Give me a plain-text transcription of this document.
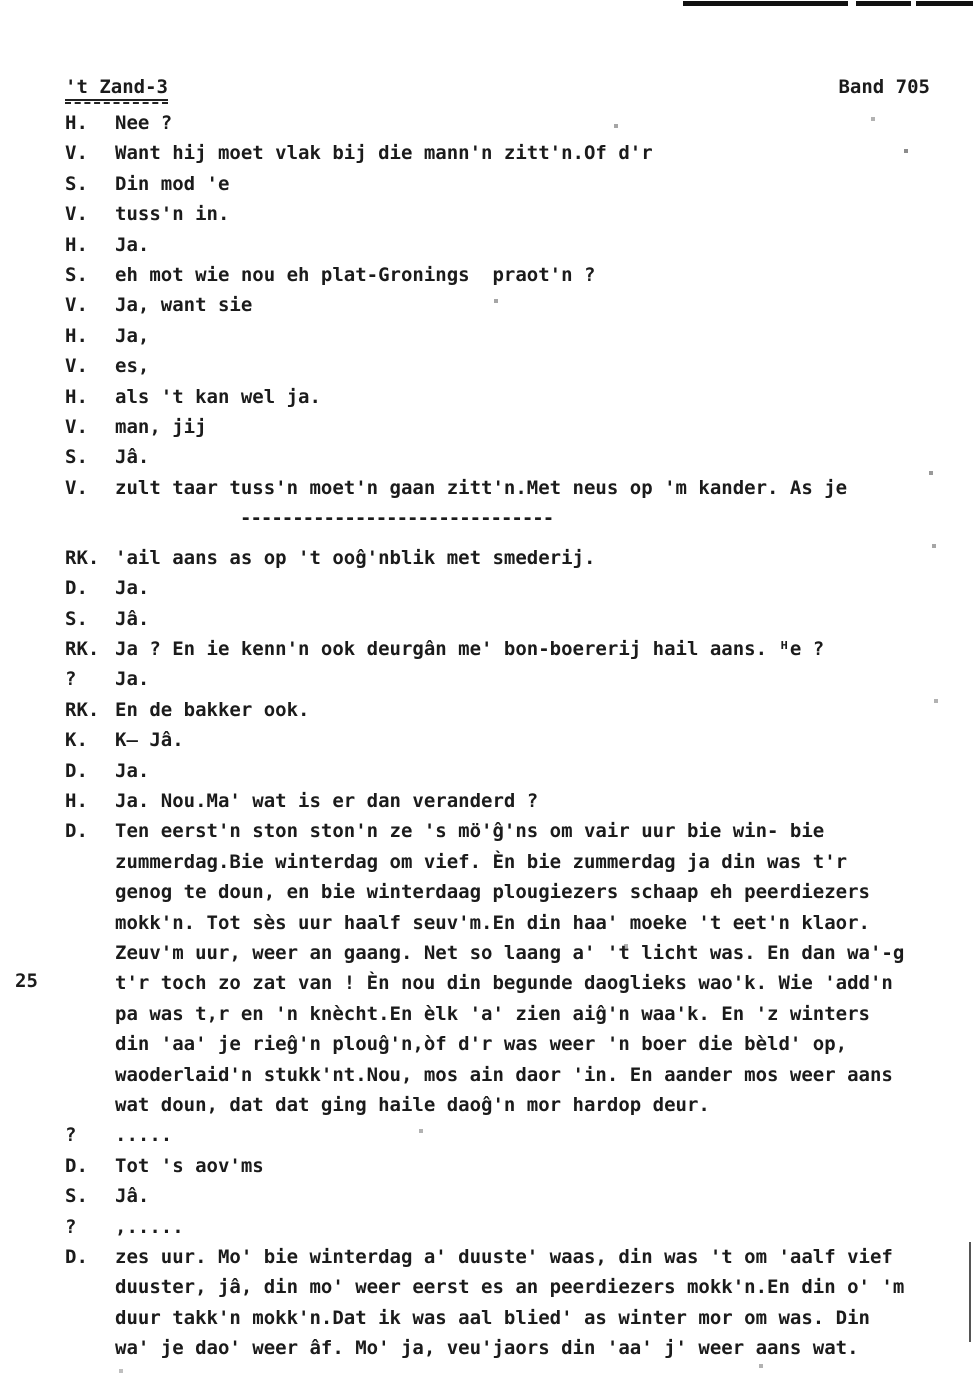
't Zand-3	Band 705
25
H.	Nee ?
V.	Want hij moet vlak bij die mann'n zitt'n.Of d'r
S.	Din mod 'e
V.	tuss'n in.
H.	Ja.
S.	eh mot wie nou eh plat-Gronings  praot'n ?
V.	Ja, want sie
H.	Ja,
V.	es,
H.	als 't kan wel ja.
V.	man, jij
S.	Jâ.
V.	zult taar tuss'n moet'n gaan zitt'n.Met neus op 'm kander. As je
------------------------------
RK. 'ail aans as op 't ooĝ'nblik met smederij.
D.	Ja.
S.	Jâ.
RK. Ja ? En ie kenn'n ook deurgân me' bon-boererij hail aans. ᴴe ?
?	Ja.
RK. En de bakker ook.
K.	K̶ Jâ.
D.	Ja.
H.	Ja. Nou.Ma' wat is er dan veranderd ?
D.	Ten eerst'n ston ston'n ze 's mö'ĝ'ns om vair uur bie win- bie
zummerdag.Bie winterdag om vief. Èn bie zummerdag ja din was t'r
genog te doun, en bie winterdaag plougiezers schaap eh peerdiezers
mokk'n. Tot sès uur haalf seuv'm.En din haa' moeke 't eet'n klaor.
Zeuv'm uur, weer an gaang. Net so laang a' 't licht was. En dan wa'-g
t'r toch zo zat van ! Èn nou din begunde daoglieks wao'k. Wie 'add'n
pa was t‚r en 'n knècht.En èlk 'a' zien aiĝ'n waa'k. En 'z winters
din 'aa' je rieĝ'n plouĝ'n,òf d'r was weer 'n boer die bèld' op,
waoderlaid'n stukk'nt.Nou, mos ain daor 'in. En aander mos weer aans
wat doun, dat dat ging haile daoĝ'n mor hardop deur.
?	.....
D.	Tot 's aov'ms
S.	Jâ.
?	,.....
D.	zes uur. Mo' bie winterdag a' duuste' waas, din was 't om 'aalf vief
duuster, jâ, din mo' weer eerst es an peerdiezers mokk'n.En din o' 'm
duur takk'n mokk'n.Dat ik was aal blied' as winter mor om was. Din
wa' je dao' weer âf. Mo' ja, veu'jaors din 'aa' j' weer aans wat.
